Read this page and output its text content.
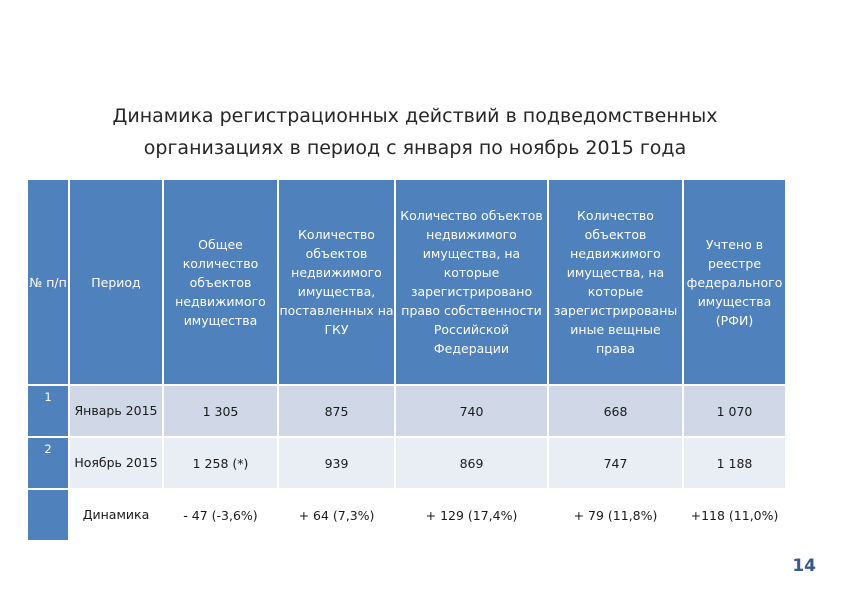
Динамика регистрационных действий в подведомственных
организациях в период с января по ноябрь 2015 года
№ п/п	Период	Общее количество объектов недвижимого имущества	Количество объектов недвижимого имущества, поставленных на ГКУ	Количество объектов недвижимого имущества, на которые зарегистрировано право собственности Российской Федерации	Количество объектов недвижимого имущества, на которые зарегистрированы иные вещные права	Учтено в реестре федерального имущества (РФИ)
1	Январь 2015	1 305	875	740	668	1 070
2	Ноябрь 2015	1 258 (*)	939	869	747	1 188
	Динамика	- 47 (-3,6%)	+ 64 (7,3%)	+ 129 (17,4%)	+ 79 (11,8%)	+118 (11,0%)
14
